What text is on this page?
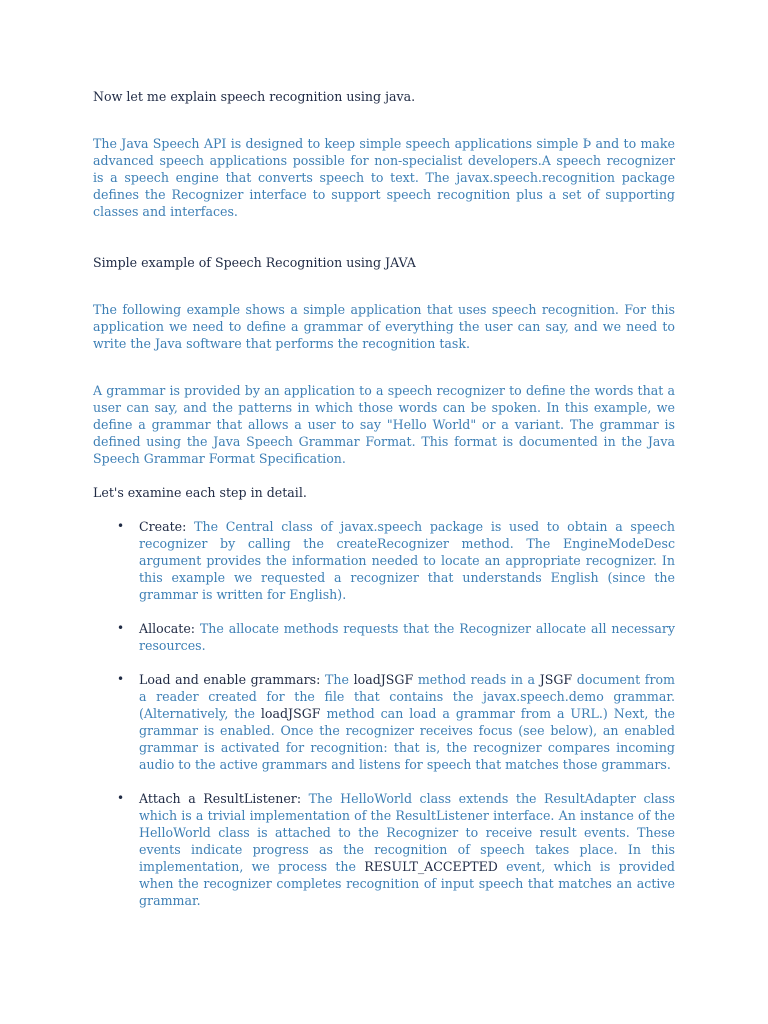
Now let me explain speech recognition using java.

The Java Speech API is designed to keep simple speech applications simple Þ and to make advanced speech applications possible for non-specialist developers.A speech recognizer is a speech engine that converts speech to text. The javax.speech.recognition package defines the Recognizer interface to support speech recognition plus a set of supporting classes and interfaces.

Simple example of Speech Recognition using JAVA

The following example shows a simple application that uses speech recognition. For this application we need to define a grammar of everything the user can say, and we need to write the Java software that performs the recognition task.

A grammar is provided by an application to a speech recognizer to define the words that a user can say, and the patterns in which those words can be spoken. In this example, we define a grammar that allows a user to say "Hello World" or a variant. The grammar is defined using the Java Speech Grammar Format. This format is documented in the Java Speech Grammar Format Specification.

Let's examine each step in detail.

• Create: The Central class of javax.speech package is used to obtain a speech recognizer by calling the createRecognizer method. The EngineModeDesc argument provides the information needed to locate an appropriate recognizer. In this example we requested a recognizer that understands English (since the grammar is written for English).
• Allocate: The allocate methods requests that the Recognizer allocate all necessary resources.
• Load and enable grammars: The loadJSGF method reads in a JSGF document from a reader created for the file that contains the javax.speech.demo grammar. (Alternatively, the loadJSGF method can load a grammar from a URL.) Next, the grammar is enabled. Once the recognizer receives focus (see below), an enabled grammar is activated for recognition: that is, the recognizer compares incoming audio to the active grammars and listens for speech that matches those grammars.
• Attach a ResultListener: The HelloWorld class extends the ResultAdapter class which is a trivial implementation of the ResultListener interface. An instance of the HelloWorld class is attached to the Recognizer to receive result events. These events indicate progress as the recognition of speech takes place. In this implementation, we process the RESULT_ACCEPTED event, which is provided when the recognizer completes recognition of input speech that matches an active grammar.
